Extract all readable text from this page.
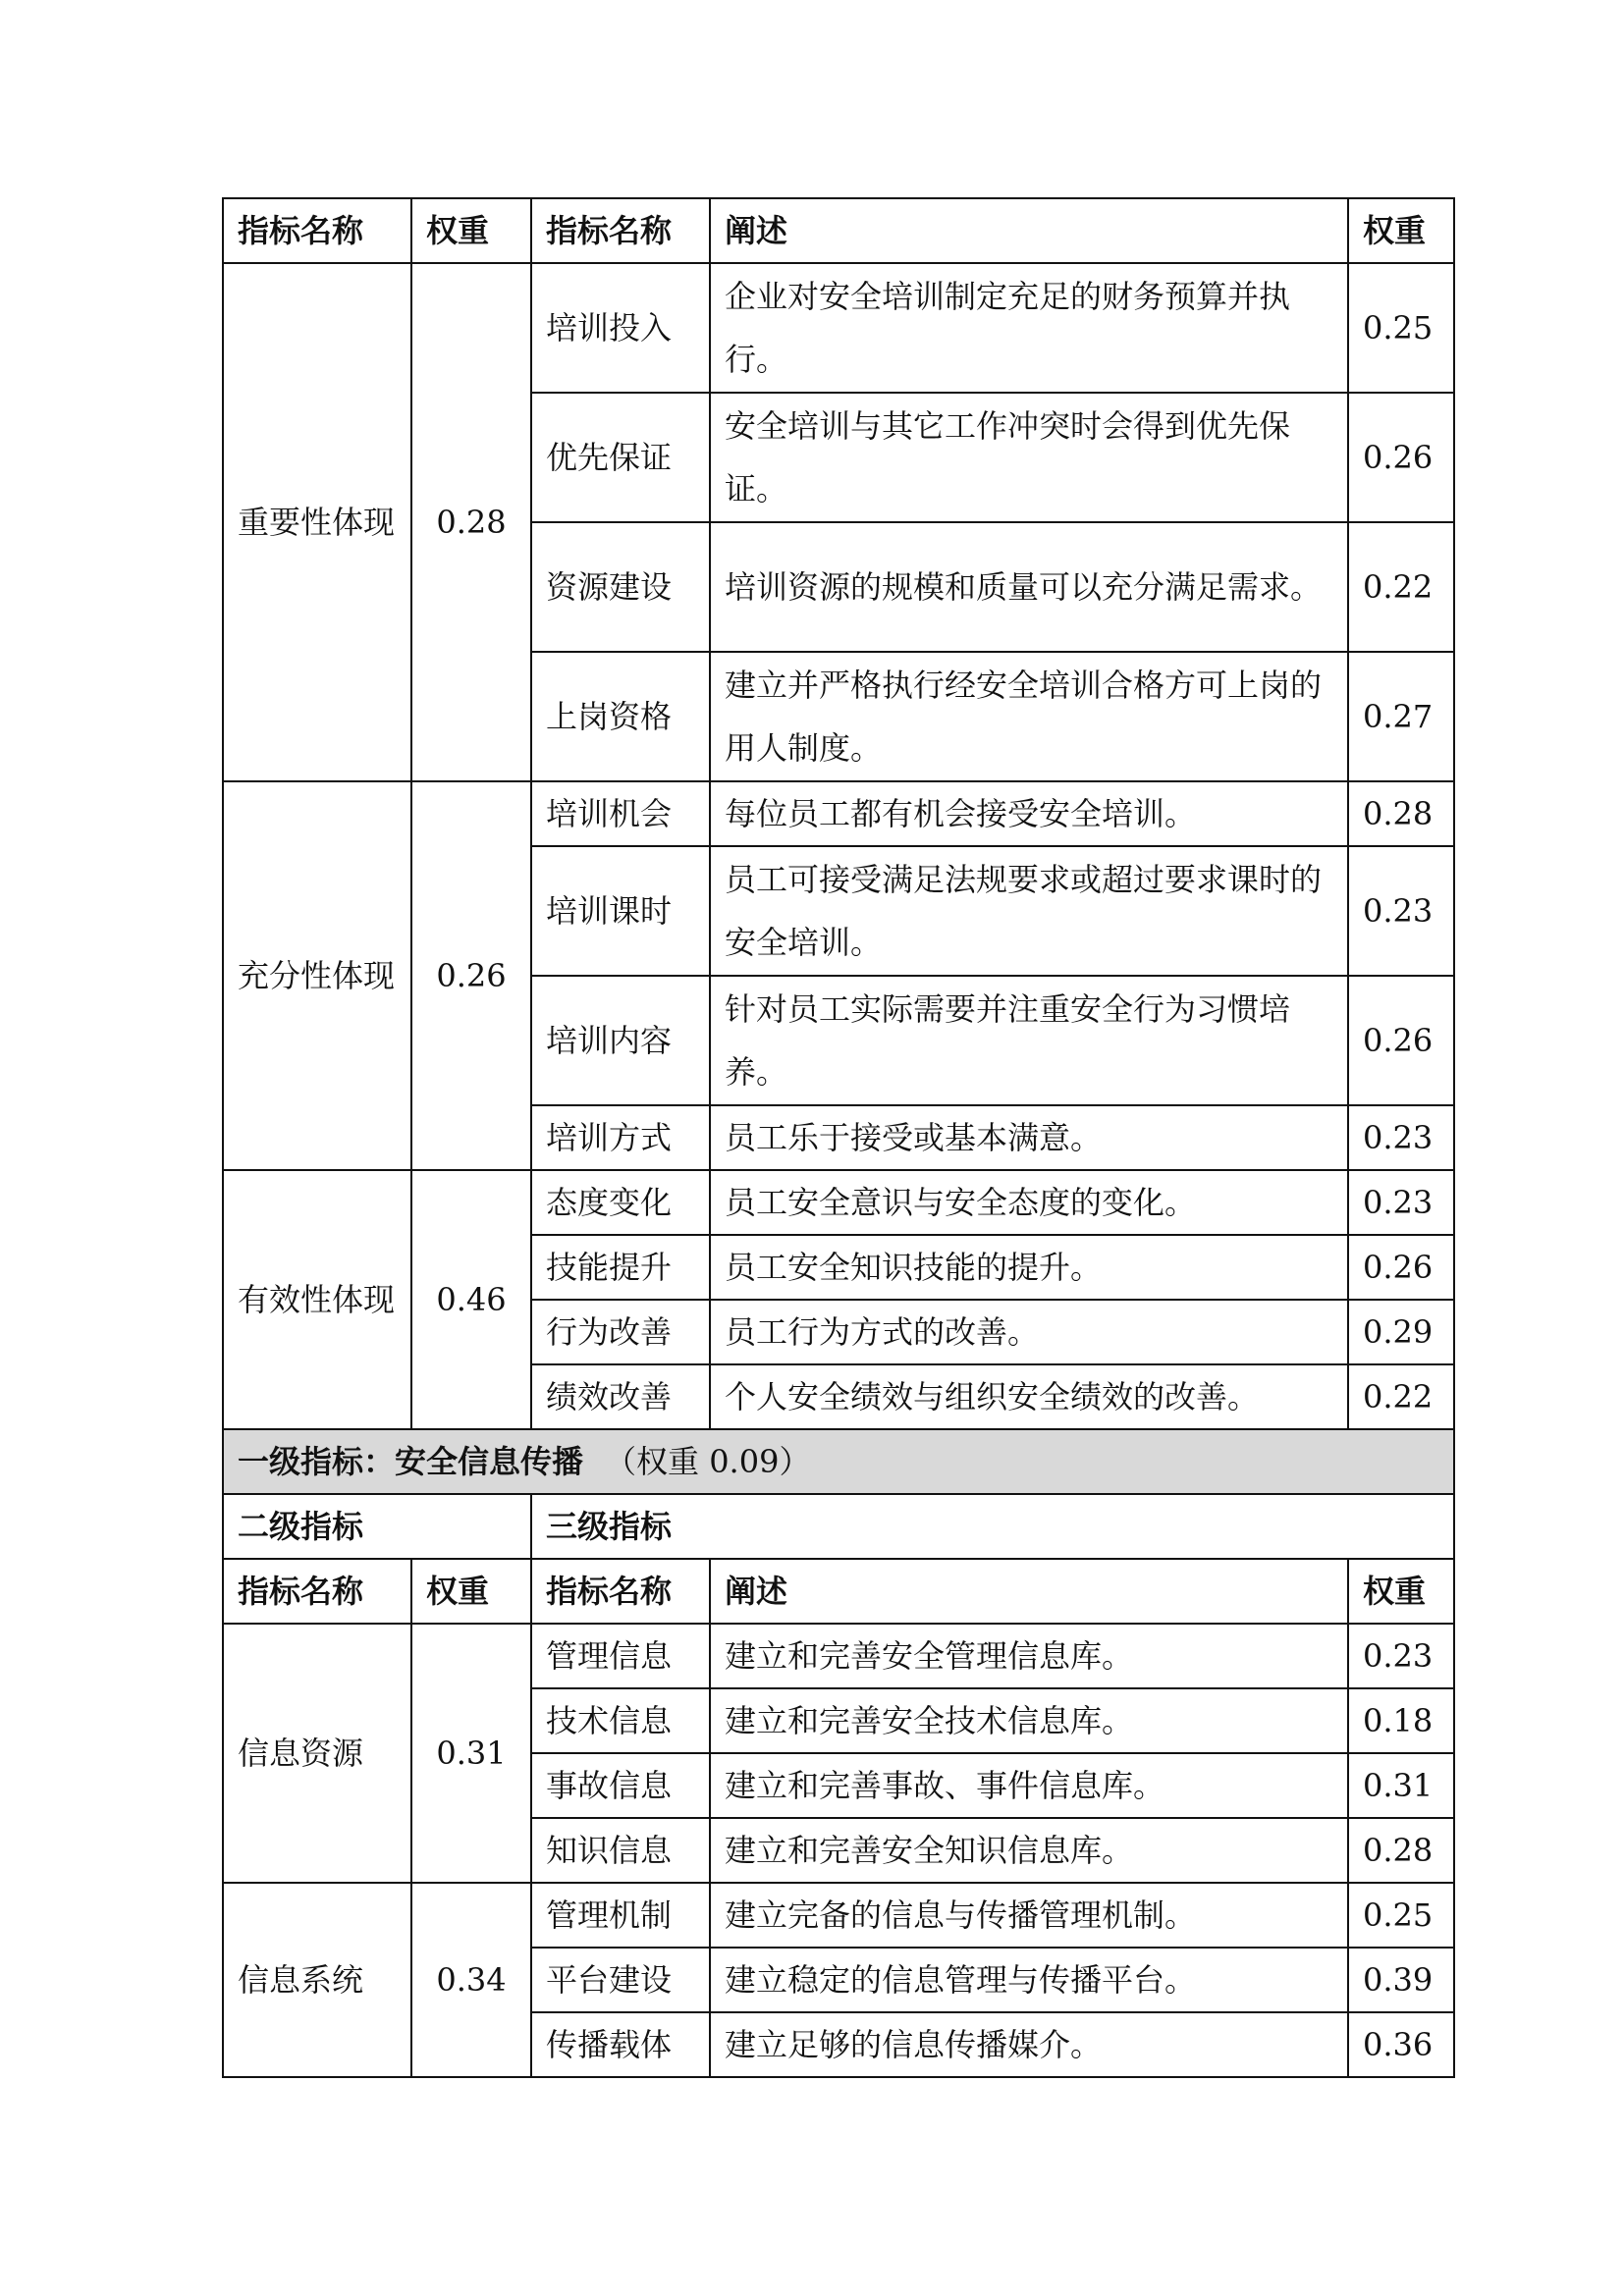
指标名称	权重	指标名称	阐述	权重
重要性体现	0.28	培训投入	企业对安全培训制定充足的财务预算并执行。	0.25
		优先保证	安全培训与其它工作冲突时会得到优先保证。	0.26
		资源建设	培训资源的规模和质量可以充分满足需求。	0.22
		上岗资格	建立并严格执行经安全培训合格方可上岗的用人制度。	0.27
充分性体现	0.26	培训机会	每位员工都有机会接受安全培训。	0.28
		培训课时	员工可接受满足法规要求或超过要求课时的安全培训。	0.23
		培训内容	针对员工实际需要并注重安全行为习惯培养。	0.26
		培训方式	员工乐于接受或基本满意。	0.23
有效性体现	0.46	态度变化	员工安全意识与安全态度的变化。	0.23
		技能提升	员工安全知识技能的提升。	0.26
		行为改善	员工行为方式的改善。	0.29
		绩效改善	个人安全绩效与组织安全绩效的改善。	0.22
一级指标：安全信息传播 （权重 0.09）				
二级指标		三级指标		
指标名称	权重	指标名称	阐述	权重
信息资源	0.31	管理信息	建立和完善安全管理信息库。	0.23
		技术信息	建立和完善安全技术信息库。	0.18
		事故信息	建立和完善事故、事件信息库。	0.31
		知识信息	建立和完善安全知识信息库。	0.28
信息系统	0.34	管理机制	建立完备的信息与传播管理机制。	0.25
		平台建设	建立稳定的信息管理与传播平台。	0.39
		传播载体	建立足够的信息传播媒介。	0.36
